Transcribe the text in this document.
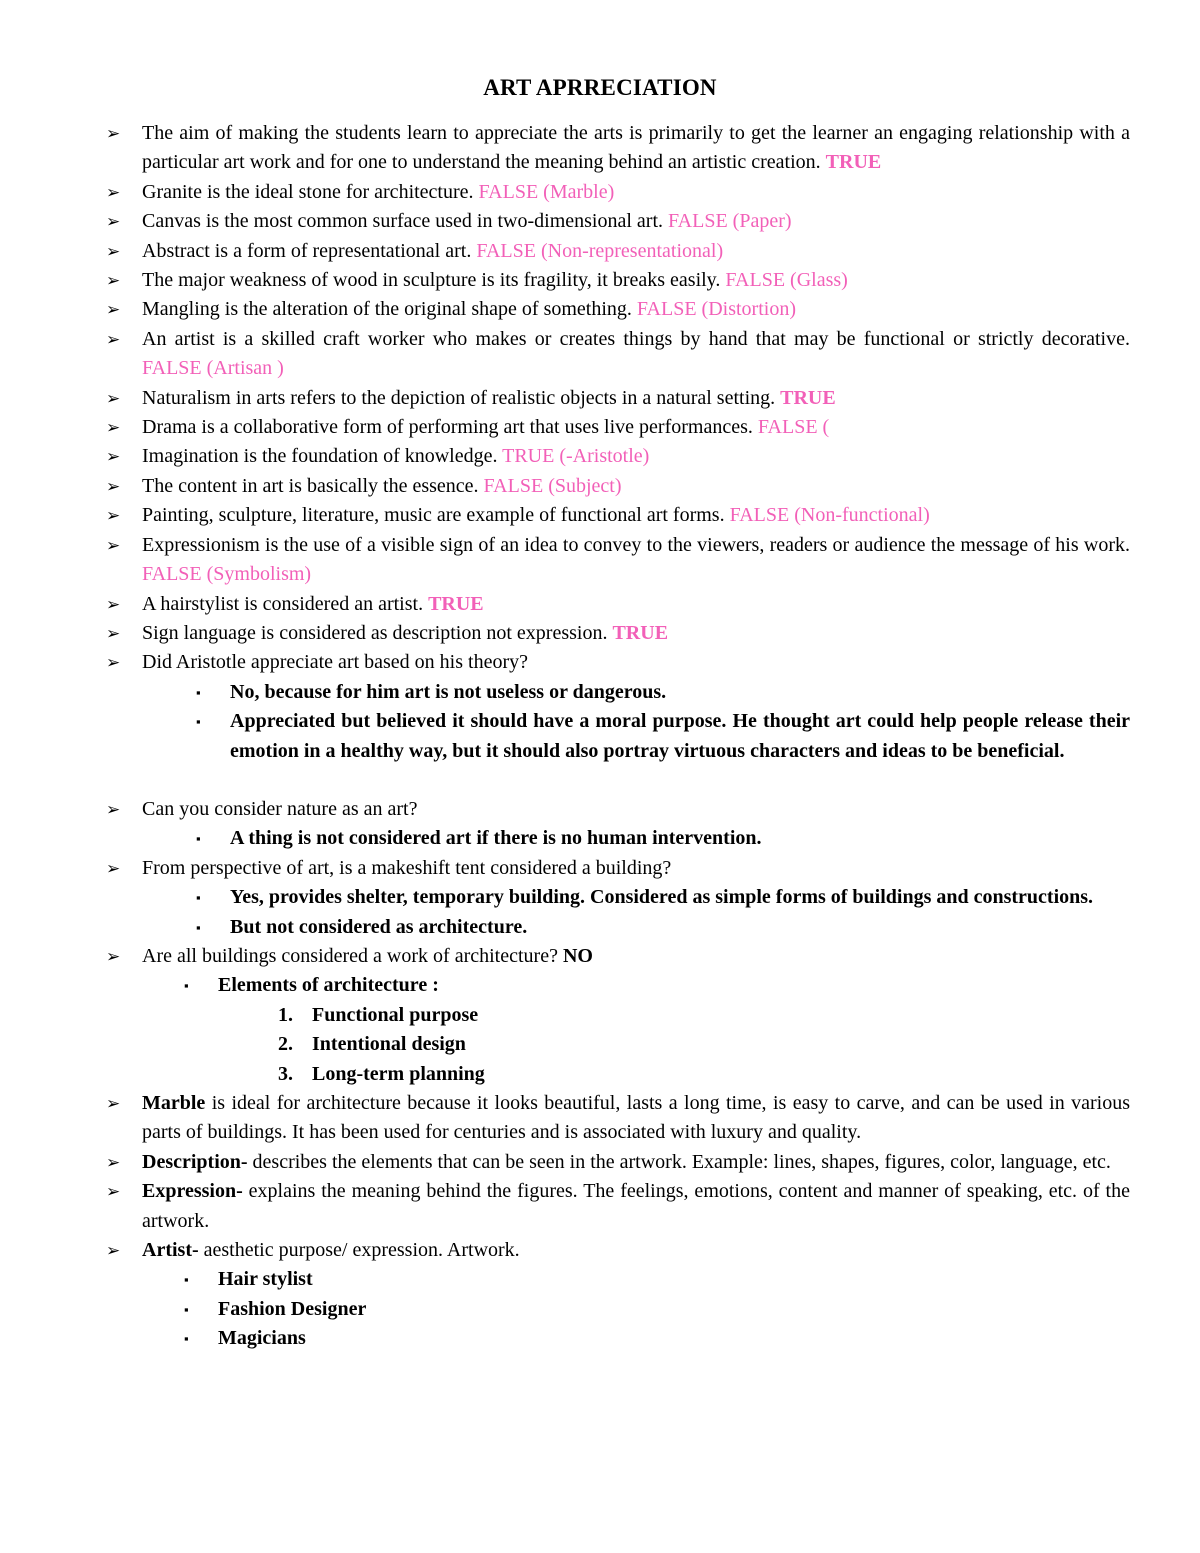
ART APRRECIATION
➢	The aim of making the students learn to appreciate the arts is primarily to get the learner an engaging relationship with a particular art work and for one to understand the meaning behind an artistic creation. TRUE
➢	Granite is the ideal stone for architecture. FALSE (Marble)
➢	Canvas is the most common surface used in two-dimensional art. FALSE (Paper)
➢	Abstract is a form of representational art. FALSE (Non-representational)
➢	The major weakness of wood in sculpture is its fragility, it breaks easily. FALSE (Glass)
➢	Mangling is the alteration of the original shape of something. FALSE (Distortion)
➢	An artist is a skilled craft worker who makes or creates things by hand that may be functional or strictly decorative. FALSE (Artisan )
➢	Naturalism in arts refers to the depiction of realistic objects in a natural setting. TRUE
➢	Drama is a collaborative form of performing art that uses live performances. FALSE (
➢	Imagination is the foundation of knowledge. TRUE (-Aristotle)
➢	The content in art is basically the essence. FALSE (Subject)
➢	Painting, sculpture, literature, music are example of functional art forms. FALSE (Non-functional)
➢	Expressionism is the use of a visible sign of an idea to convey to the viewers, readers or audience the message of his work. FALSE (Symbolism)
➢	A hairstylist is considered an artist. TRUE
➢	Sign language is considered as description not expression. TRUE
➢	Did Aristotle appreciate art based on his theory?
▪ No, because for him art is not useless or dangerous.
▪ Appreciated but believed it should have a moral purpose. He thought art could help people release their emotion in a healthy way, but it should also portray virtuous characters and ideas to be beneficial.
➢	Can you consider nature as an art?
▪ A thing is not considered art if there is no human intervention.
➢	From perspective of art, is a makeshift tent considered a building?
▪ Yes, provides shelter, temporary building. Considered as simple forms of buildings and constructions.
▪ But not considered as architecture.
➢	Are all buildings considered a work of architecture? NO
▪ Elements of architecture :
1. Functional purpose
2. Intentional design
3. Long-term planning
➢	Marble is ideal for architecture because it looks beautiful, lasts a long time, is easy to carve, and can be used in various parts of buildings. It has been used for centuries and is associated with luxury and quality.
➢	Description- describes the elements that can be seen in the artwork. Example: lines, shapes, figures, color, language, etc.
➢	Expression- explains the meaning behind the figures. The feelings, emotions, content and manner of speaking, etc. of the artwork.
➢	Artist- aesthetic purpose/ expression. Artwork.
▪ Hair stylist
▪ Fashion Designer
▪ Magicians
